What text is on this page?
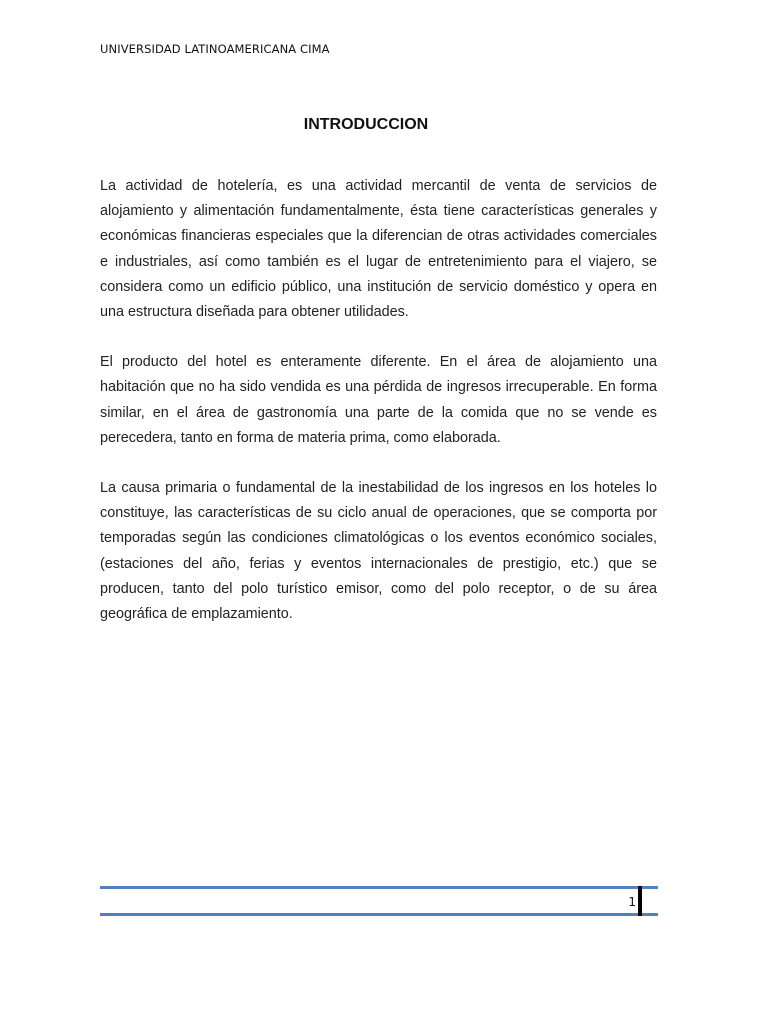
UNIVERSIDAD LATINOAMERICANA CIMA
INTRODUCCION

La actividad de hotelería, es una actividad mercantil de venta de servicios de alojamiento y alimentación fundamentalmente, ésta tiene características generales y económicas financieras especiales que la diferencian de otras actividades comerciales e industriales, así como también es el lugar de entretenimiento para el viajero, se considera como un edificio público, una institución de servicio doméstico y opera en una estructura diseñada para obtener utilidades.

El producto del hotel es enteramente diferente. En el área de alojamiento una habitación que no ha sido vendida es una pérdida de ingresos irrecuperable. En forma similar, en el área de gastronomía una parte de la comida que no se vende es perecedera, tanto en forma de materia prima, como elaborada.

La causa primaria o fundamental de la inestabilidad de los ingresos en los hoteles lo constituye, las características de su ciclo anual de operaciones, que se comporta por temporadas según las condiciones climatológicas o los eventos económico sociales, (estaciones del año, ferias y eventos internacionales de prestigio, etc.) que se producen, tanto del polo turístico emisor, como del polo receptor, o de su área geográfica de emplazamiento.

1
